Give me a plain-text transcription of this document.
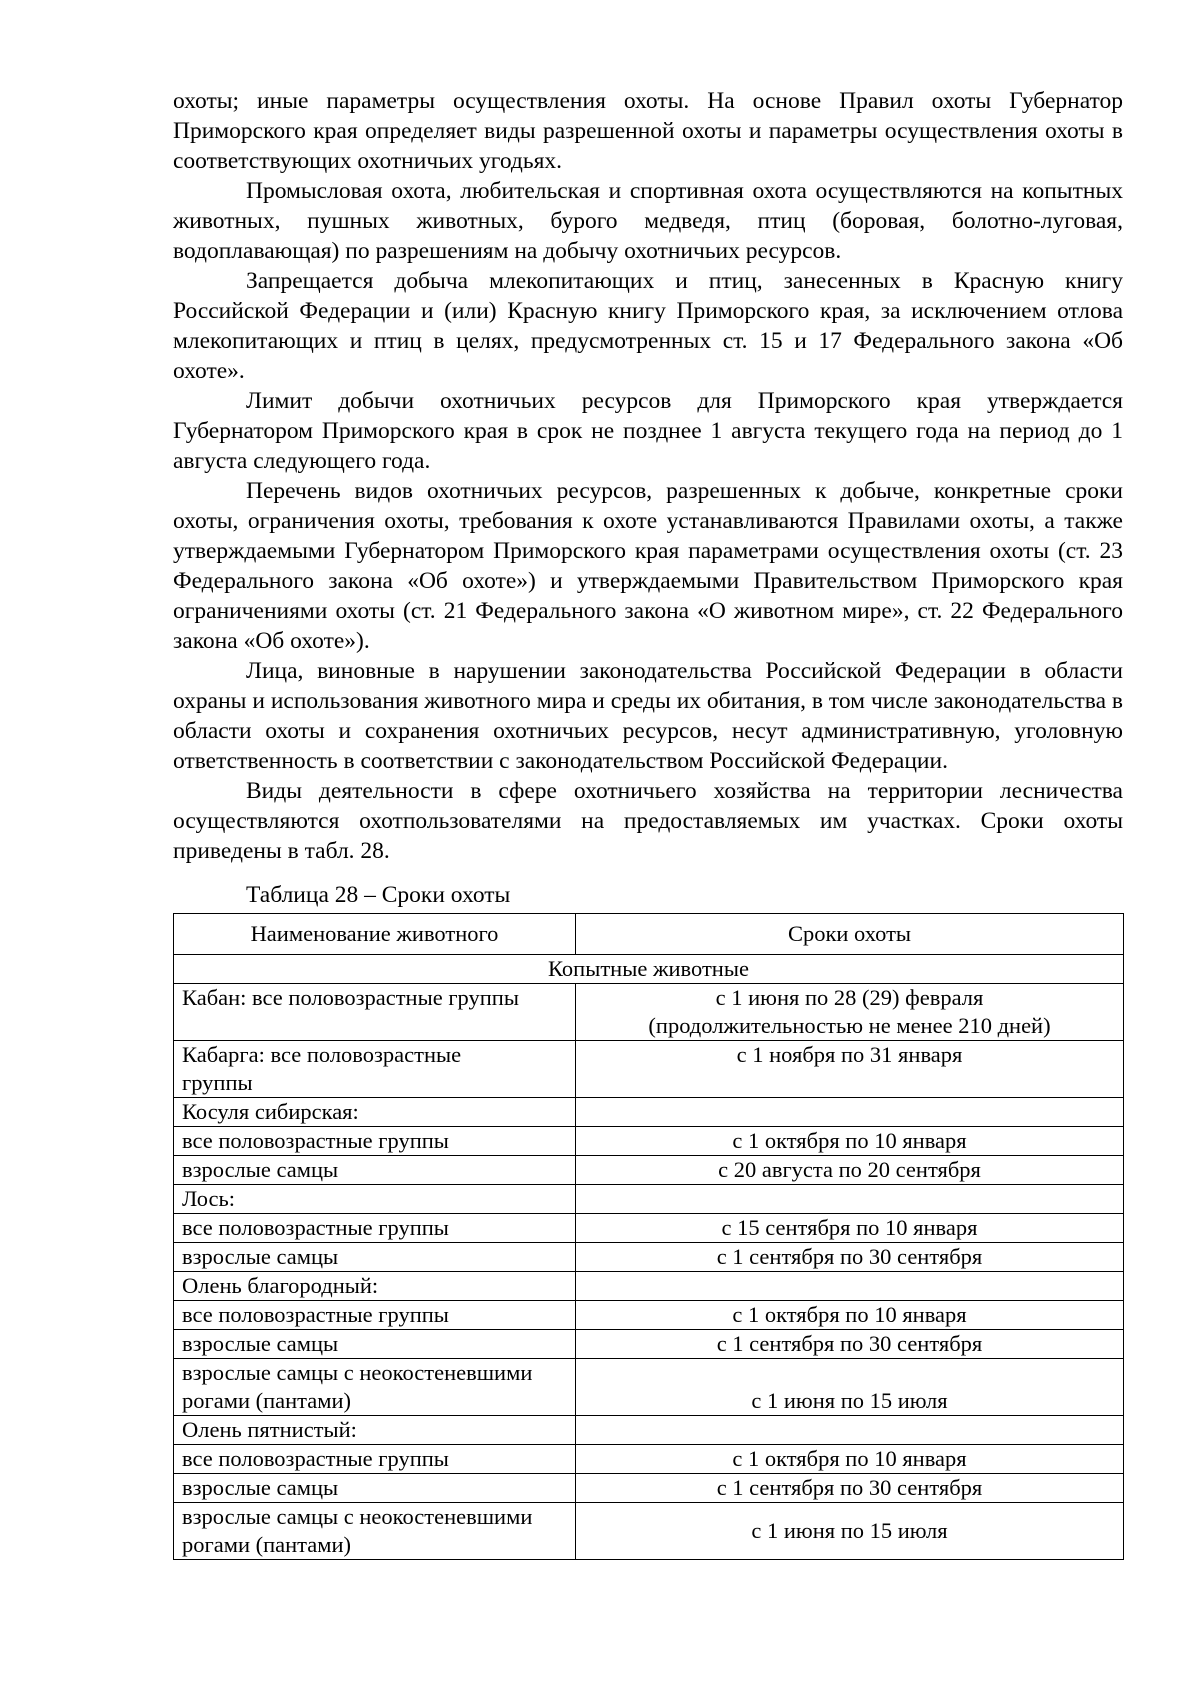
охоты; иные параметры осуществления охоты. На основе Правил охоты Губернатор Приморского края определяет виды разрешенной охоты и параметры осуществления охоты в соответствующих охотничьих угодьях.

Промысловая охота, любительская и спортивная охота осуществляются на копытных животных, пушных животных, бурого медведя, птиц (боровая, болотно-луговая, водоплавающая) по разрешениям на добычу охотничьих ресурсов.

Запрещается добыча млекопитающих и птиц, занесенных в Красную книгу Российской Федерации и (или) Красную книгу Приморского края, за исключением отлова млекопитающих и птиц в целях, предусмотренных ст. 15 и 17 Федерального закона «Об охоте».

Лимит добычи охотничьих ресурсов для Приморского края утверждается Губернатором Приморского края в срок не позднее 1 августа текущего года на период до 1 августа следующего года.

Перечень видов охотничьих ресурсов, разрешенных к добыче, конкретные сроки охоты, ограничения охоты, требования к охоте устанавливаются Правилами охоты, а также утверждаемыми Губернатором Приморского края параметрами осуществления охоты (ст. 23 Федерального закона «Об охоте») и утверждаемыми Правительством Приморского края ограничениями охоты (ст. 21 Федерального закона «О животном мире», ст. 22 Федерального закона «Об охоте»).

Лица, виновные в нарушении законодательства Российской Федерации в области охраны и использования животного мира и среды их обитания, в том числе законодательства в области охоты и сохранения охотничьих ресурсов, несут административную, уголовную ответственность в соответствии с законодательством Российской Федерации.

Виды деятельности в сфере охотничьего хозяйства на территории лесничества осуществляются охотпользователями на предоставляемых им участках. Сроки охоты приведены в табл. 28.

Таблица 28 – Сроки охоты
Наименование животного	Сроки охоты
Копытные животные	
Кабан: все половозрастные группы	с 1 июня по 28 (29) февраля
(продолжительностью не менее 210 дней)

Кабарга: все половозрастные
группы	с 1 ноября по 31 января
Косуля сибирская:	
все половозрастные группы	с 1 октября по 10 января
взрослые самцы	с 20 августа по 20 сентября
Лось:	
все половозрастные группы	с 15 сентября по 10 января
взрослые самцы	с 1 сентября по 30 сентября
Олень благородный:	
все половозрастные группы	с 1 октября по 10 января
взрослые самцы	с 1 сентября по 30 сентября

взрослые самцы с неокостеневшими
рогами (пантами)	с 1 июня по 15 июля
Олень пятнистый:	
все половозрастные группы	с 1 октября по 10 января
взрослые самцы	с 1 сентября по 30 сентября

взрослые самцы с неокостеневшими
рогами (пантами)	с 1 июня по 15 июля
